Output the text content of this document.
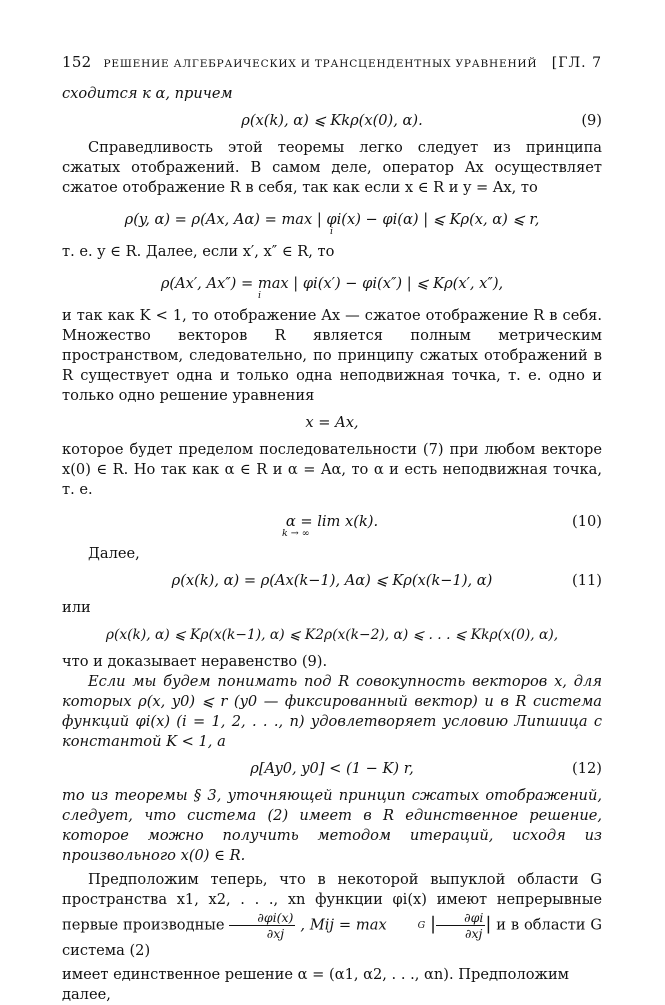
152 РЕШЕНИЕ АЛГЕБРАИЧЕСКИХ И ТРАНСЦЕНДЕНТНЫХ УРАВНЕНИЙ	[ГЛ. 7

сходится к α, причем

ρ(x(k), α) ⩽ Kkρ(x(0), α).	(9)

Справедливость этой теоремы легко следует из принципа сжатых отображений. В самом деле, оператор Ax осуществляет сжатое отображение R в себя, так как если x ∈ R и y = Ax, то

ρ(y, α) = ρ(Ax, Aα) = max | φi(x) − φi(α) | ⩽ Kρ(x, α) ⩽ r,
i

т. е. y ∈ R. Далее, если x′, x″ ∈ R, то

ρ(Ax′, Ax″) = max | φi(x′) − φi(x″) | ⩽ Kρ(x′, x″),
i

и так как K < 1, то отображение Ax — сжатое отображение R в себя. Множество векторов R является полным метрическим пространством, следовательно, по принципу сжатых отображений в R существует одна и только одна неподвижная точка, т. е. одно и только одно решение уравнения

x = Ax,

которое будет пределом последовательности (7) при любом векторе x(0) ∈ R. Но так как α ∈ R и α = Aα, то α и есть неподвижная точка, т. е.

α = lim x(k).
k → ∞
(10)

Далее,

ρ(x(k), α) = ρ(Ax(k−1), Aα) ⩽ Kρ(x(k−1), α)	(11)

или

ρ(x(k), α) ⩽ Kρ(x(k−1), α) ⩽ K2ρ(x(k−2), α) ⩽ . . . ⩽ Kkρ(x(0), α),

что и доказывает неравенство (9).

Если мы будем понимать под R совокупность векторов x, для которых ρ(x, y0) ⩽ r (y0 — фиксированный вектор) и в R система функций φi(x) (i = 1, 2, . . ., n) удовлетворяет условию Липшица с константой K < 1, а

ρ[Ay0, y0] < (1 − K) r,	(12)

то из теоремы § 3, уточняющей принцип сжатых отображений, следует, что система (2) имеет в R единственное решение, которое можно получить методом итераций, исходя из произвольного x(0) ∈ R.

Предположим теперь, что в некоторой выпуклой области G пространства x1, x2, . . ., xn функции φi(x) имеют непрерывные первые производные $\frac{\partial\varphi i(x)}{\partial xj}$ , Mij = max	G | $\frac{\partial\varphi i}{\partial xj}$ | и в области G система (2)

имеет единственное решение α = (α1, α2, . . ., αn). Предположим далее,
